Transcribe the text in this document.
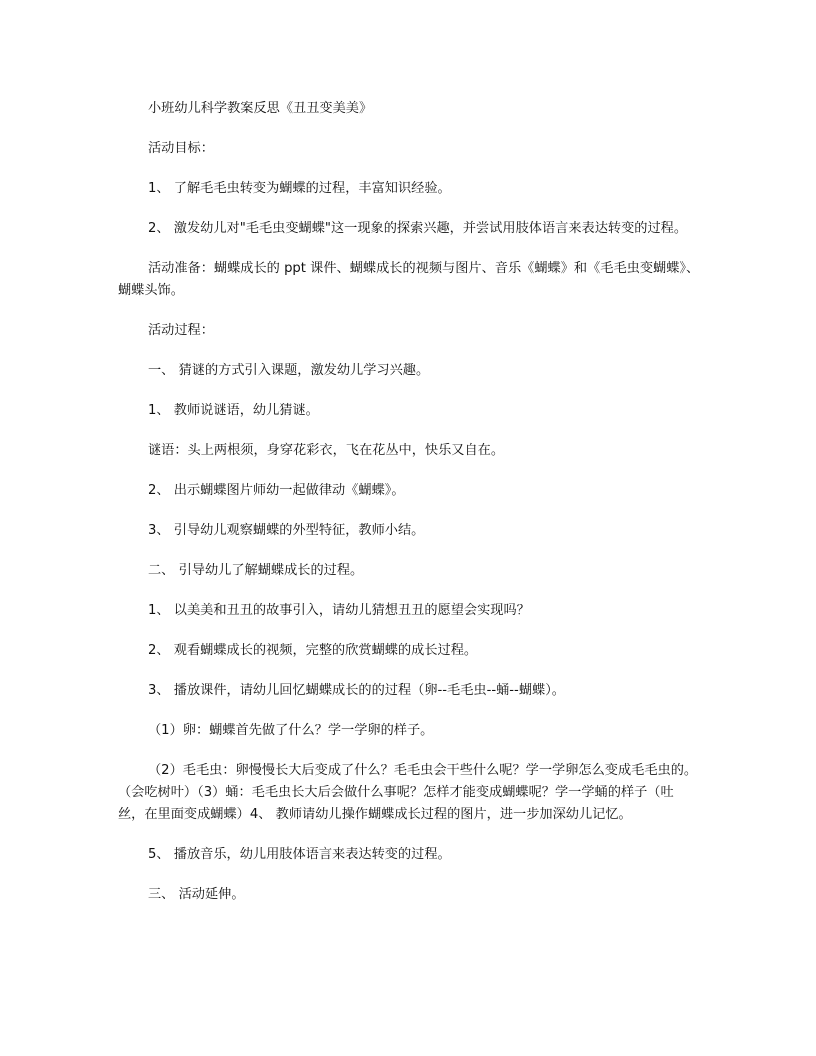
小班幼儿科学教案反思《丑丑变美美》

活动目标：

1、 了解毛毛虫转变为蝴蝶的过程，丰富知识经验。

2、 激发幼儿对"毛毛虫变蝴蝶"这一现象的探索兴趣，并尝试用肢体语言来表达转变的过程。

活动准备：蝴蝶成长的 ppt 课件、蝴蝶成长的视频与图片、音乐《蝴蝶》和《毛毛虫变蝴蝶》、蝴蝶头饰。

活动过程：

一、 猜谜的方式引入课题，激发幼儿学习兴趣。

1、 教师说谜语，幼儿猜谜。

谜语：头上两根须，身穿花彩衣，飞在花丛中，快乐又自在。

2、 出示蝴蝶图片师幼一起做律动《蝴蝶》。

3、 引导幼儿观察蝴蝶的外型特征，教师小结。

二、 引导幼儿了解蝴蝶成长的过程。

1、 以美美和丑丑的故事引入，请幼儿猜想丑丑的愿望会实现吗？

2、 观看蝴蝶成长的视频，完整的欣赏蝴蝶的成长过程。

3、 播放课件，请幼儿回忆蝴蝶成长的的过程（卵--毛毛虫--蛹--蝴蝶）。

（1）卵：蝴蝶首先做了什么？学一学卵的样子。

（2）毛毛虫：卵慢慢长大后变成了什么？毛毛虫会干些什么呢？学一学卵怎么变成毛毛虫的。（会吃树叶）（3）蛹：毛毛虫长大后会做什么事呢？怎样才能变成蝴蝶呢？学一学蛹的样子（吐丝，在里面变成蝴蝶）4、 教师请幼儿操作蝴蝶成长过程的图片，进一步加深幼儿记忆。

5、 播放音乐，幼儿用肢体语言来表达转变的过程。

三、 活动延伸。
